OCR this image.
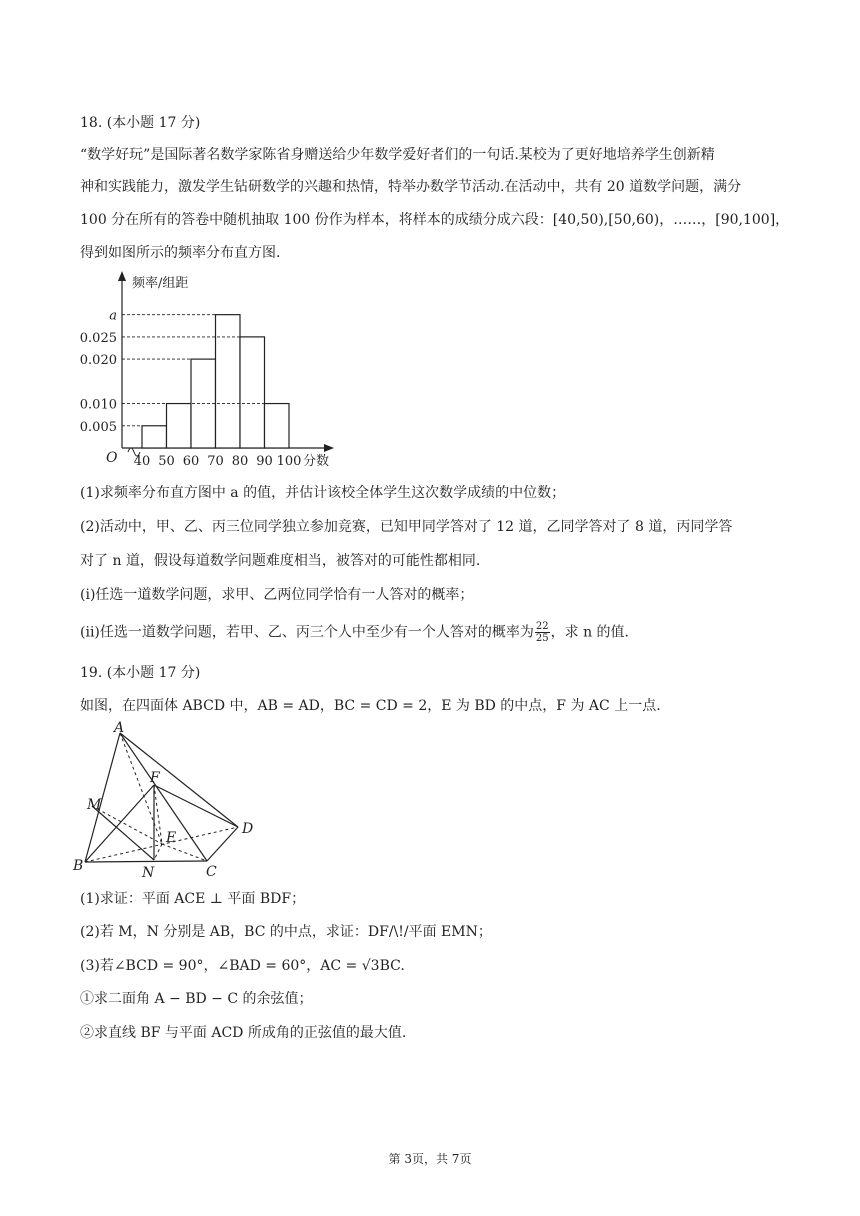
18. (本小题 17 分)
“数学好玩”是国际著名数学家陈省身赠送给少年数学爱好者们的一句话.某校为了更好地培养学生创新精
神和实践能力，激发学生钻研数学的兴趣和热情，特举办数学节活动.在活动中，共有 20 道数学问题，满分
100 分在所有的答卷中随机抽取 100 份作为样本，将样本的成绩分成六段：[40,50),[50,60)，……，[90,100]，
得到如图所示的频率分布直方图.
频率/组距
O
0.005
0.010
0.020
0.025
a
40 50 60 70 80 90 100 分数
(1)求频率分布直方图中 a 的值，并估计该校全体学生这次数学成绩的中位数；
(2)活动中，甲、乙、丙三位同学独立参加竞赛，已知甲同学答对了 12 道，乙同学答对了 8 道，丙同学答
对了 n 道，假设每道数学问题难度相当，被答对的可能性都相同.
(i)任选一道数学问题，求甲、乙两位同学恰有一人答对的概率；
(ii)任选一道数学问题，若甲、乙、丙三个人中至少有一个人答对的概率为 $\frac{22}{25}$ ，求 n 的值.
19. (本小题 17 分)
如图，在四面体 ABCD 中，AB = AD，BC = CD = 2，E 为 BD 的中点，F 为 AC 上一点.
A
B	C
D
E
F
M
N
(1)求证：平面 ACE ⊥ 平面 BDF；
(2)若 M，N 分别是 AB，BC 的中点，求证：DF/\!/平面 EMN；
(3)若∠BCD = 90°，∠BAD = 60°，AC = √3BC.
①求二面角 A − BD − C 的余弦值；
②求直线 BF 与平面 ACD 所成角的正弦值的最大值.
第 3页，共 7页
